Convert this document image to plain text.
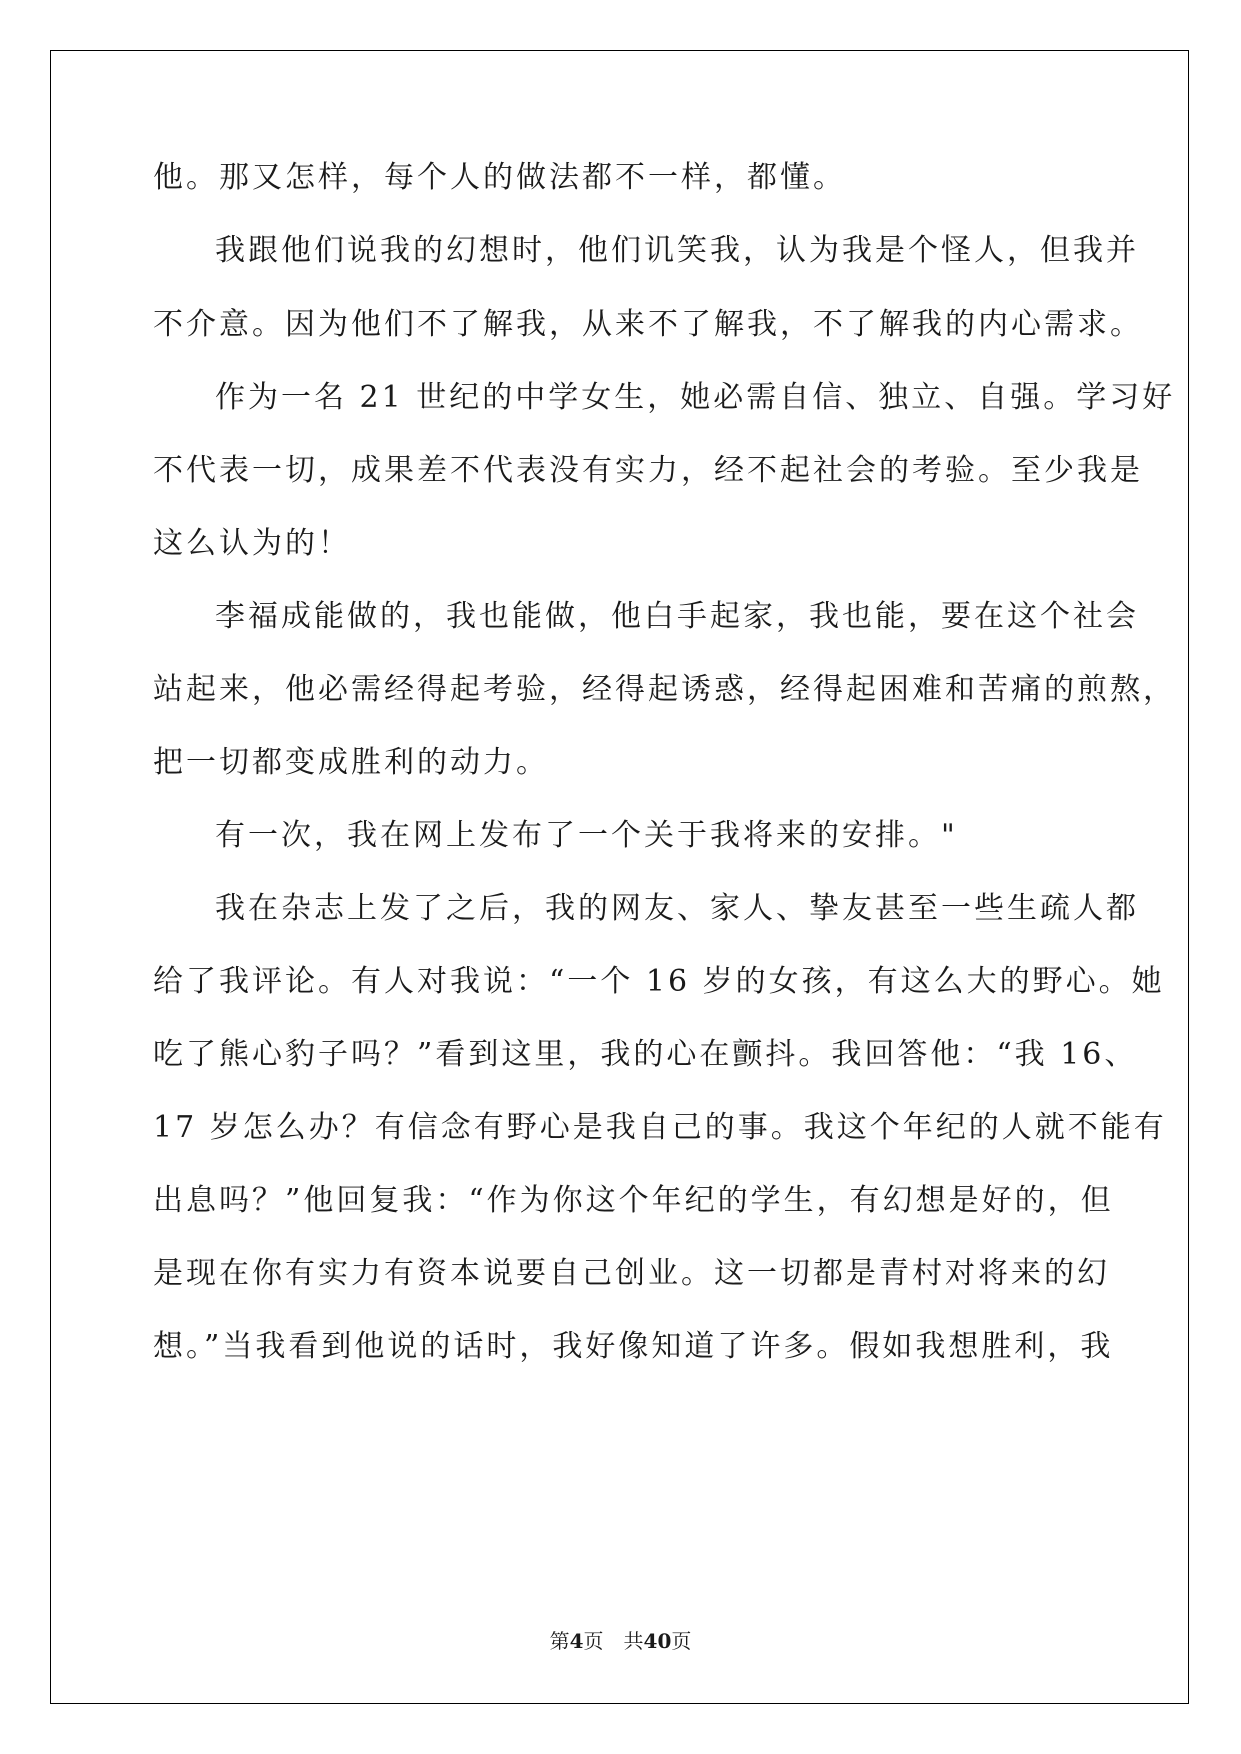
他。那又怎样，每个人的做法都不一样，都懂。

我跟他们说我的幻想时，他们讥笑我，认为我是个怪人，但我并

不介意。因为他们不了解我，从来不了解我，不了解我的内心需求。

作为一名 21 世纪的中学女生，她必需自信、独立、自强。学习好

不代表一切，成果差不代表没有实力，经不起社会的考验。至少我是

这么认为的！

李福成能做的，我也能做，他白手起家，我也能，要在这个社会

站起来，他必需经得起考验，经得起诱惑，经得起困难和苦痛的煎熬，

把一切都变成胜利的动力。

有一次，我在网上发布了一个关于我将来的安排。"

我在杂志上发了之后，我的网友、家人、挚友甚至一些生疏人都

给了我评论。有人对我说：“一个 16 岁的女孩，有这么大的野心。她

吃了熊心豹子吗？”看到这里，我的心在颤抖。我回答他：“我 16、

17 岁怎么办？有信念有野心是我自己的事。我这个年纪的人就不能有

出息吗？”他回复我：“作为你这个年纪的学生，有幻想是好的，但

是现在你有实力有资本说要自己创业。这一切都是青村对将来的幻

想。”当我看到他说的话时，我好像知道了许多。假如我想胜利，我

第4页　共40页
